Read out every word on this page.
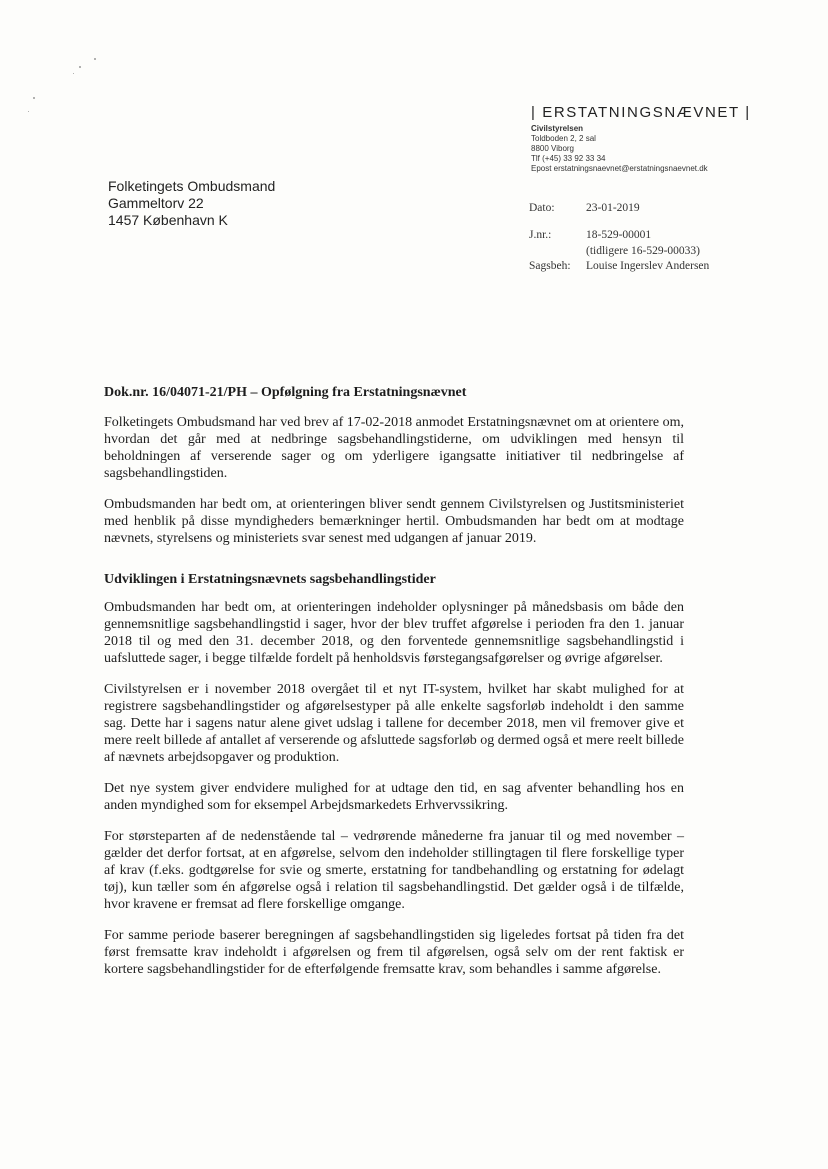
| ERSTATNINGSNÆVNET |
Civilstyrelsen
Toldboden 2, 2 sal
8800 Viborg
Tlf (+45) 33 92 33 34
Epost erstatningsnaevnet@erstatningsnaevnet.dk
Folketingets Ombudsmand
Gammeltorv 22
1457 København K
Dato:	23-01-2019
J.nr.:	18-529-00001
(tidligere 16-529-00033)
Sagsbeh: Louise Ingerslev Andersen
Dok.nr. 16/04071-21/PH – Opfølgning fra Erstatningsnævnet

Folketingets Ombudsmand har ved brev af 17-02-2018 anmodet Erstatningsnævnet om at orientere om, hvordan det går med at nedbringe sagsbehandlingstiderne, om udviklingen med hensyn til beholdningen af verserende sager og om yderligere igangsatte initiativer til nedbringelse af sagsbehandlingstiden.

Ombudsmanden har bedt om, at orienteringen bliver sendt gennem Civilstyrelsen og Justitsministeriet med henblik på disse myndigheders bemærkninger hertil. Ombudsmanden har bedt om at modtage nævnets, styrelsens og ministeriets svar senest med udgangen af januar 2019.

Udviklingen i Erstatningsnævnets sagsbehandlingstider

Ombudsmanden har bedt om, at orienteringen indeholder oplysninger på månedsbasis om både den gennemsnitlige sagsbehandlingstid i sager, hvor der blev truffet afgørelse i perioden fra den 1. januar 2018 til og med den 31. december 2018, og den forventede gennemsnitlige sagsbehandlingstid i uafsluttede sager, i begge tilfælde fordelt på henholdsvis førstegangsafgørelser og øvrige afgørelser.

Civilstyrelsen er i november 2018 overgået til et nyt IT-system, hvilket har skabt mulighed for at registrere sagsbehandlingstider og afgørelsestyper på alle enkelte sagsforløb indeholdt i den samme sag. Dette har i sagens natur alene givet udslag i tallene for december 2018, men vil fremover give et mere reelt billede af antallet af verserende og afsluttede sagsforløb og dermed også et mere reelt billede af nævnets arbejdsopgaver og produktion.

Det nye system giver endvidere mulighed for at udtage den tid, en sag afventer behandling hos en anden myndighed som for eksempel Arbejdsmarkedets Erhvervssikring.

For størsteparten af de nedenstående tal – vedrørende månederne fra januar til og med november – gælder det derfor fortsat, at en afgørelse, selvom den indeholder stillingtagen til flere forskellige typer af krav (f.eks. godtgørelse for svie og smerte, erstatning for tandbehandling og erstatning for ødelagt tøj), kun tæller som én afgørelse også i relation til sagsbehandlingstid. Det gælder også i de tilfælde, hvor kravene er fremsat ad flere forskellige omgange.

For samme periode baserer beregningen af sagsbehandlingstiden sig ligeledes fortsat på tiden fra det først fremsatte krav indeholdt i afgørelsen og frem til afgørelsen, også selv om der rent faktisk er kortere sagsbehandlingstider for de efterfølgende fremsatte krav, som behandles i samme afgørelse.
